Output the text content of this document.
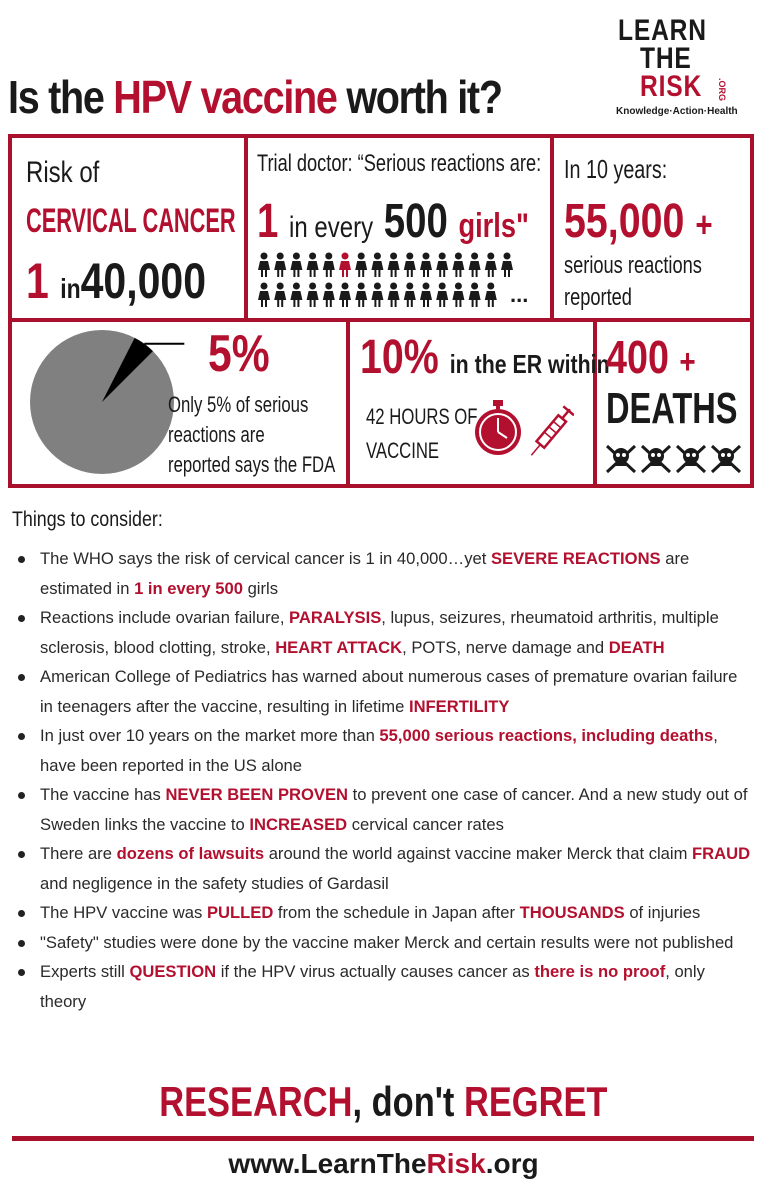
Is the HPV vaccine worth it?
LEARN
THE
RISK .ORG
Knowledge·Action·Health
Risk of
CERVICAL CANCER
1 in40,000
Trial doctor: “Serious reactions are:
1 in every 500 girls"
...
In 10 years:
55,000 +
serious reactions
reported
5%
Only 5% of serious
reactions are
reported says the FDA
10% in the ER within
42 HOURS OF
VACCINE
400 +
DEATHS
Things to consider:
The WHO says the risk of cervical cancer is 1 in 40,000…yet SEVERE REACTIONS are estimated in 1 in every 500 girls
Reactions include ovarian failure, PARALYSIS, lupus, seizures, rheumatoid arthritis, multiple sclerosis, blood clotting, stroke, HEART ATTACK, POTS, nerve damage and DEATH
American College of Pediatrics has warned about numerous cases of premature ovarian failure in teenagers after the vaccine, resulting in lifetime INFERTILITY
In just over 10 years on the market more than 55,000 serious reactions, including deaths, have been reported in the US alone
The vaccine has NEVER BEEN PROVEN to prevent one case of cancer. And a new study out of Sweden links the vaccine to INCREASED cervical cancer rates
There are dozens of lawsuits around the world against vaccine maker Merck that claim FRAUD and negligence in the safety studies of Gardasil
The HPV vaccine was PULLED from the schedule in Japan after THOUSANDS of injuries
"Safety" studies were done by the vaccine maker Merck and certain results were not published
Experts still QUESTION if the HPV virus actually causes cancer as there is no proof, only theory
RESEARCH, don't REGRET
www.LearnTheRisk.org
